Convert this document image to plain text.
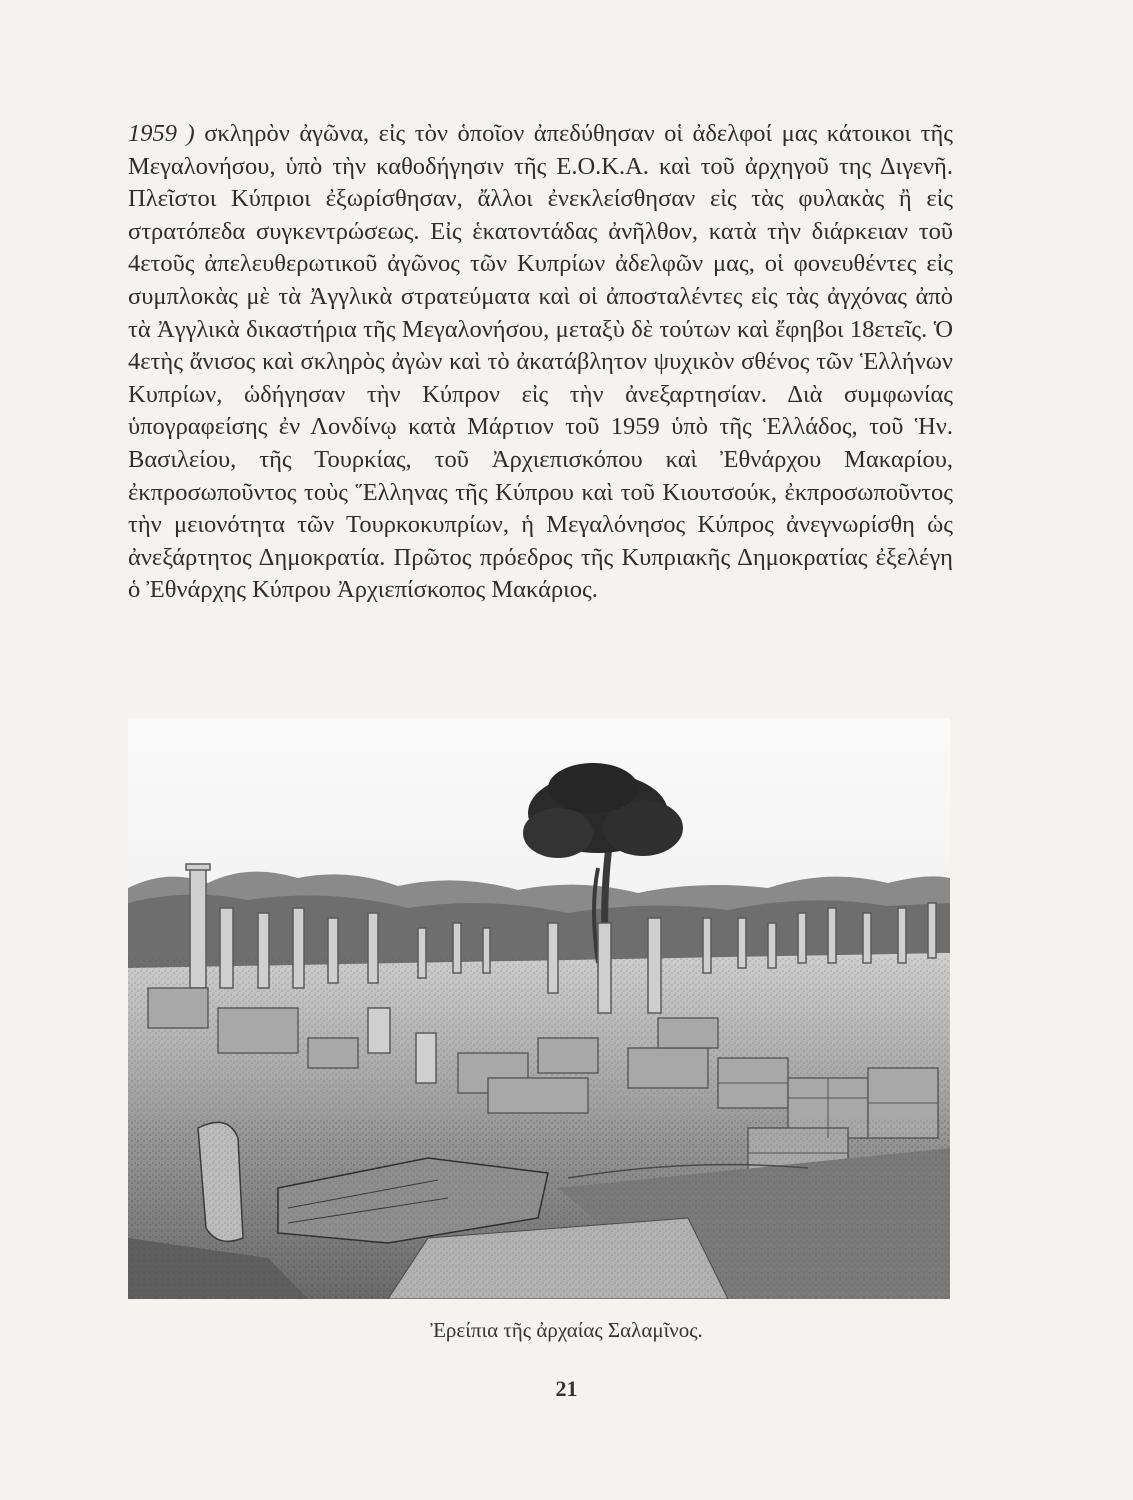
1959 ) σκληρὸν ἀγῶνα, εἰς τὸν ὁποῖον ἀπεδύθησαν οἱ ἀδελφοί μας κάτοικοι τῆς Μεγαλονήσου, ὑπὸ τὴν καθοδήγησιν τῆς Ε.Ο.Κ.Α. καὶ τοῦ ἀρχηγοῦ της Διγενῆ. Πλεῖστοι Κύπριοι ἐξωρίσθησαν, ἄλλοι ἐνεκλείσθησαν εἰς τὰς φυλακὰς ἢ εἰς στρατόπεδα συγκεντρώσεως. Εἰς ἑκατοντάδας ἀνῆλθον, κατὰ τὴν διάρκειαν τοῦ 4ετοῦς ἀπελευθερωτικοῦ ἀγῶνος τῶν Κυπρίων ἀδελφῶν μας, οἱ φονευθέντες εἰς συμπλοκὰς μὲ τὰ Ἀγγλικὰ στρατεύματα καὶ οἱ ἀποσταλέντες εἰς τὰς ἀγχόνας ἀπὸ τὰ Ἀγγλικὰ δικαστήρια τῆς Μεγαλονήσου, μεταξὺ δὲ τούτων καὶ ἔφηβοι 18ετεῖς. Ὁ 4ετὴς ἄνισος καὶ σκληρὸς ἀγὼν καὶ τὸ ἀκατάβλητον ψυχικὸν σθένος τῶν Ἑλλήνων Κυπρίων, ὡδήγησαν τὴν Κύπρον εἰς τὴν ἀνεξαρτησίαν. Διὰ συμφωνίας ὑπογραφείσης ἐν Λονδίνῳ κατὰ Μάρτιον τοῦ 1959 ὑπὸ τῆς Ἑλλάδος, τοῦ Ἡν. Βασιλείου, τῆς Τουρκίας, τοῦ Ἀρχιεπισκόπου καὶ Ἐθνάρχου Μακαρίου, ἐκπροσωποῦντος τοὺς Ἕλληνας τῆς Κύπρου καὶ τοῦ Κιουτσούκ, ἐκπροσωποῦντος τὴν μειονότητα τῶν Τουρκοκυπρίων, ἡ Μεγαλόνησος Κύπρος ἀνεγνωρίσθη ὡς ἀνεξάρτητος Δημοκρατία. Πρῶτος πρόεδρος τῆς Κυπριακῆς Δημοκρατίας ἐξελέγη ὁ Ἐθνάρχης Κύπρου Ἀρχιεπίσκοπος Μακάριος.

Ἐρείπια τῆς ἀρχαίας Σαλαμῖνος.
21
